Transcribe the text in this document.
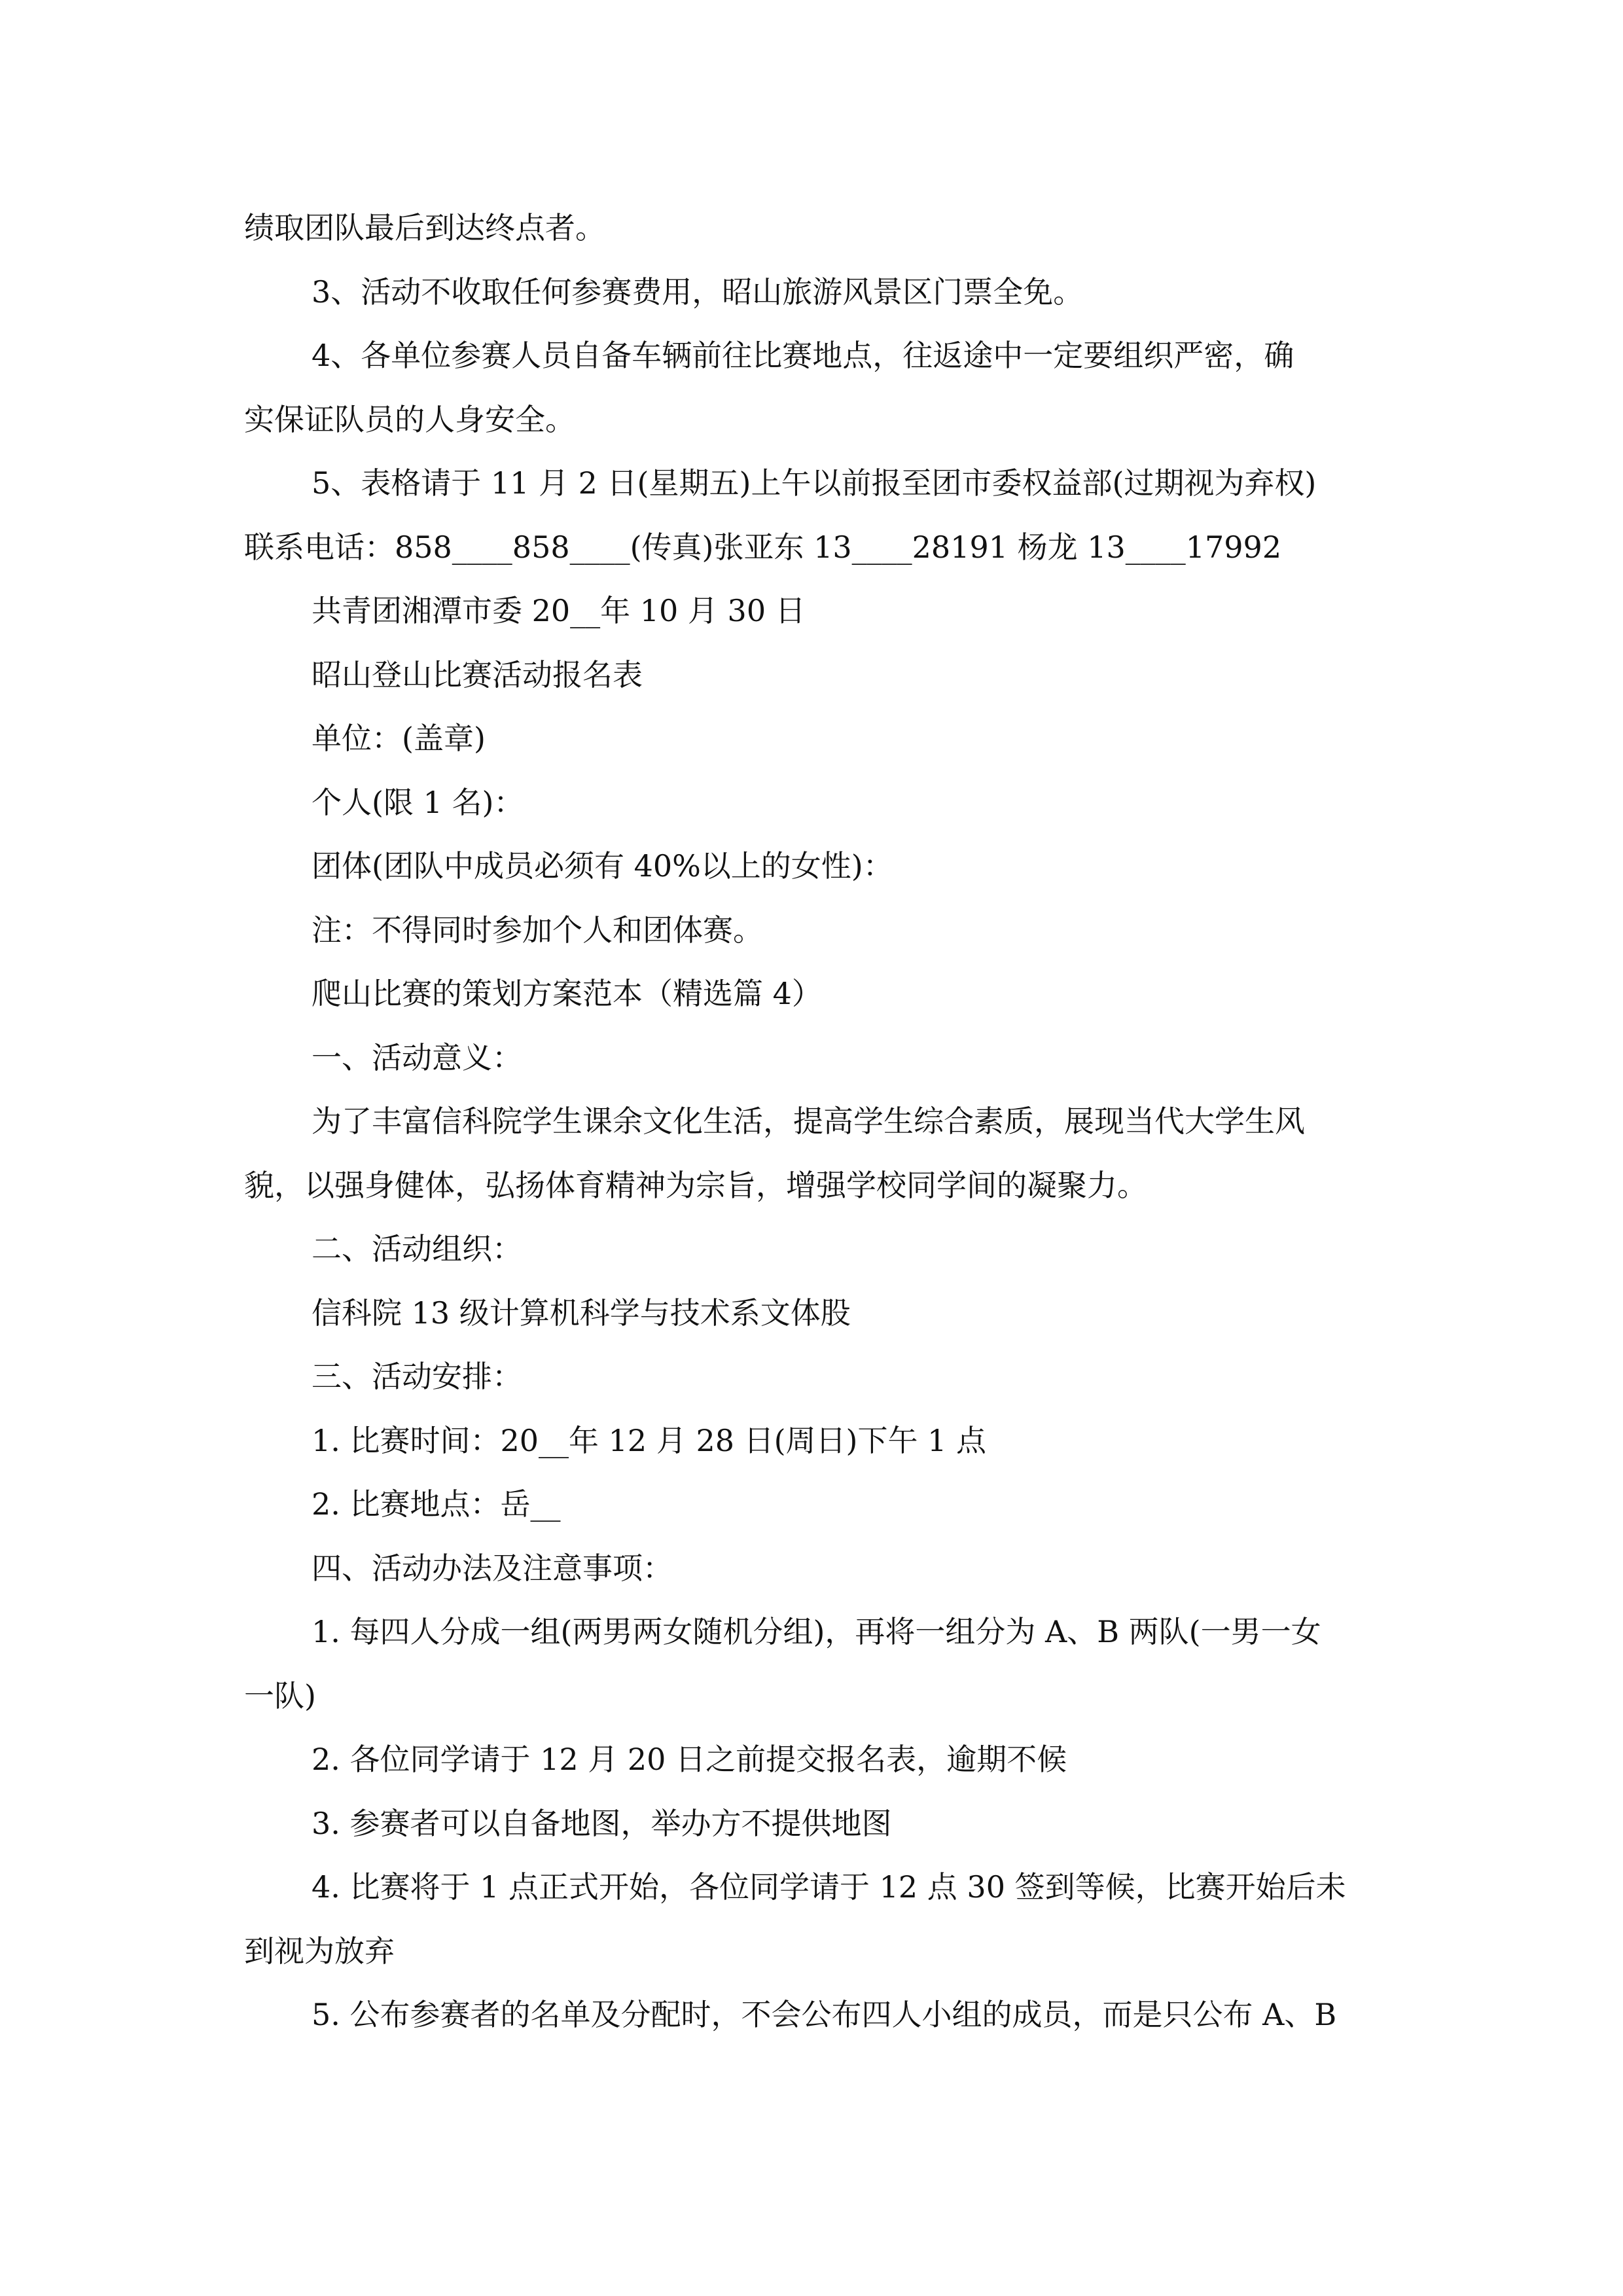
绩取团队最后到达终点者。
3、活动不收取任何参赛费用，昭山旅游风景区门票全免。
4、各单位参赛人员自备车辆前往比赛地点，往返途中一定要组织严密，确
实保证队员的人身安全。
5、表格请于 11 月 2 日(星期五)上午以前报至团市委权益部(过期视为弃权)
联系电话：858____858____(传真)张亚东 13____28191 杨龙 13____17992
共青团湘潭市委 20__年 10 月 30 日
昭山登山比赛活动报名表
单位：(盖章)
个人(限 1 名)：
团体(团队中成员必须有 40%以上的女性)：
注：不得同时参加个人和团体赛。
爬山比赛的策划方案范本（精选篇 4）
一、活动意义：
为了丰富信科院学生课余文化生活，提高学生综合素质，展现当代大学生风
貌，以强身健体，弘扬体育精神为宗旨，增强学校同学间的凝聚力。
二、活动组织：
信科院 13 级计算机科学与技术系文体股
三、活动安排：
1. 比赛时间：20__年 12 月 28 日(周日)下午 1 点
2. 比赛地点：岳__
四、活动办法及注意事项：
1. 每四人分成一组(两男两女随机分组)，再将一组分为 A、B 两队(一男一女
一队)
2. 各位同学请于 12 月 20 日之前提交报名表，逾期不候
3. 参赛者可以自备地图，举办方不提供地图
4. 比赛将于 1 点正式开始，各位同学请于 12 点 30 签到等候，比赛开始后未
到视为放弃
5. 公布参赛者的名单及分配时，不会公布四人小组的成员，而是只公布 A、B
